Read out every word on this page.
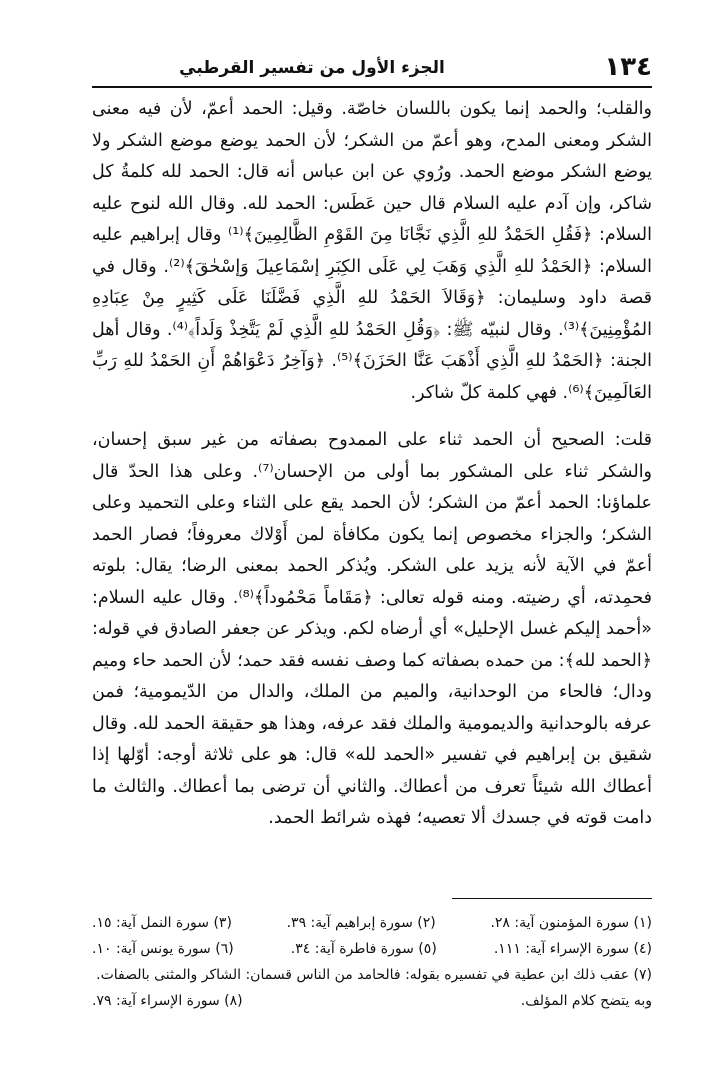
١٣٤
الجزء الأول من تفسير القرطبي

والقلب؛ والحمد إنما يكون باللسان خاصّة. وقيل: الحمد أعمّ، لأن فيه معنى الشكر ومعنى المدح، وهو أعمّ من الشكر؛ لأن الحمد يوضع موضع الشكر ولا يوضع الشكر موضع الحمد. ورُوي عن ابن عباس أنه قال: الحمد لله كلمةُ كل شاكر، وإن آدم عليه السلام قال حين عَطَس: الحمد لله. وقال الله لنوح عليه السلام: ﴿فَقُلِ الحَمْدُ للهِ الَّذِي نَجَّانَا مِنَ القَوْمِ الظَّالِمِينَ﴾⁽¹⁾ وقال إبراهيم عليه السلام: ﴿الحَمْدُ للهِ الَّذِي وَهَبَ لِي عَلَى الكِبَرِ إسْمَاعِيلَ وَإسْحٰقَ﴾⁽²⁾. وقال في قصة داود وسليمان: ﴿وَقَالاَ الحَمْدُ للهِ الَّذِي فَضَّلَنَا عَلَى كَثِيرٍ مِنْ عِبَادِهِ المُؤْمِنِينَ﴾⁽³⁾. وقال لنبيّه ﷺ: ﴿وَقُلِ الحَمْدُ للهِ الَّذِي لَمْ يَتَّخِذْ وَلَداً﴾⁽⁴⁾. وقال أهل الجنة: ﴿الحَمْدُ للهِ الَّذِي أَذْهَبَ عَنَّا الحَزَنَ﴾⁽⁵⁾. ﴿وَآخِرُ دَعْوَاهُمْ أَنِ الحَمْدُ للهِ رَبِّ العَالَمِينَ﴾⁽⁶⁾. فهي كلمة كلّ شاكر.

قلت: الصحيح أن الحمد ثناء على الممدوح بصفاته من غير سبق إحسان، والشكر ثناء على المشكور بما أولى من الإحسان⁽⁷⁾. وعلى هذا الحدّ قال علماؤنا: الحمد أعمّ من الشكر؛ لأن الحمد يقع على الثناء وعلى التحميد وعلى الشكر؛ والجزاء مخصوص إنما يكون مكافأة لمن أَوْلاك معروفاً؛ فصار الحمد أعمّ في الآية لأنه يزيد على الشكر. ويُذكر الحمد بمعنى الرضا؛ يقال: بلوته فحمِدته، أي رضيته. ومنه قوله تعالى: ﴿مَقَاماً مَحْمُوداً﴾⁽⁸⁾. وقال عليه السلام: «أحمد إليكم غسل الإحليل» أي أرضاه لكم. ويذكر عن جعفر الصادق في قوله: ﴿الحمد لله﴾: من حمده بصفاته كما وصف نفسه فقد حمد؛ لأن الحمد حاء وميم ودال؛ فالحاء من الوحدانية، والميم من الملك، والدال من الدّيمومية؛ فمن عرفه بالوحدانية والديمومية والملك فقد عرفه، وهذا هو حقيقة الحمد لله. وقال شقيق بن إبراهيم في تفسير «الحمد لله» قال: هو على ثلاثة أوجه: أوّلها إذا أعطاك الله شيئاً تعرف من أعطاك. والثاني أن ترضى بما أعطاك. والثالث ما دامت قوته في جسدك ألا تعصيه؛ فهذه شرائط الحمد.

(١) سورة المؤمنون آية: ٢٨.
(٢) سورة إبراهيم آية: ٣٩.
(٣) سورة النمل آية: ١٥.
(٤) سورة الإسراء آية: ١١١.
(٥) سورة فاطرة آية: ٣٤.
(٦) سورة يونس آية: ١٠.

(٧) عقب ذلك ابن عطية في تفسيره بقوله: فالحامد من الناس قسمان: الشاكر والمثنى بالصفات.

وبه يتضح كلام المؤلف.
(٨) سورة الإسراء آية: ٧٩.
